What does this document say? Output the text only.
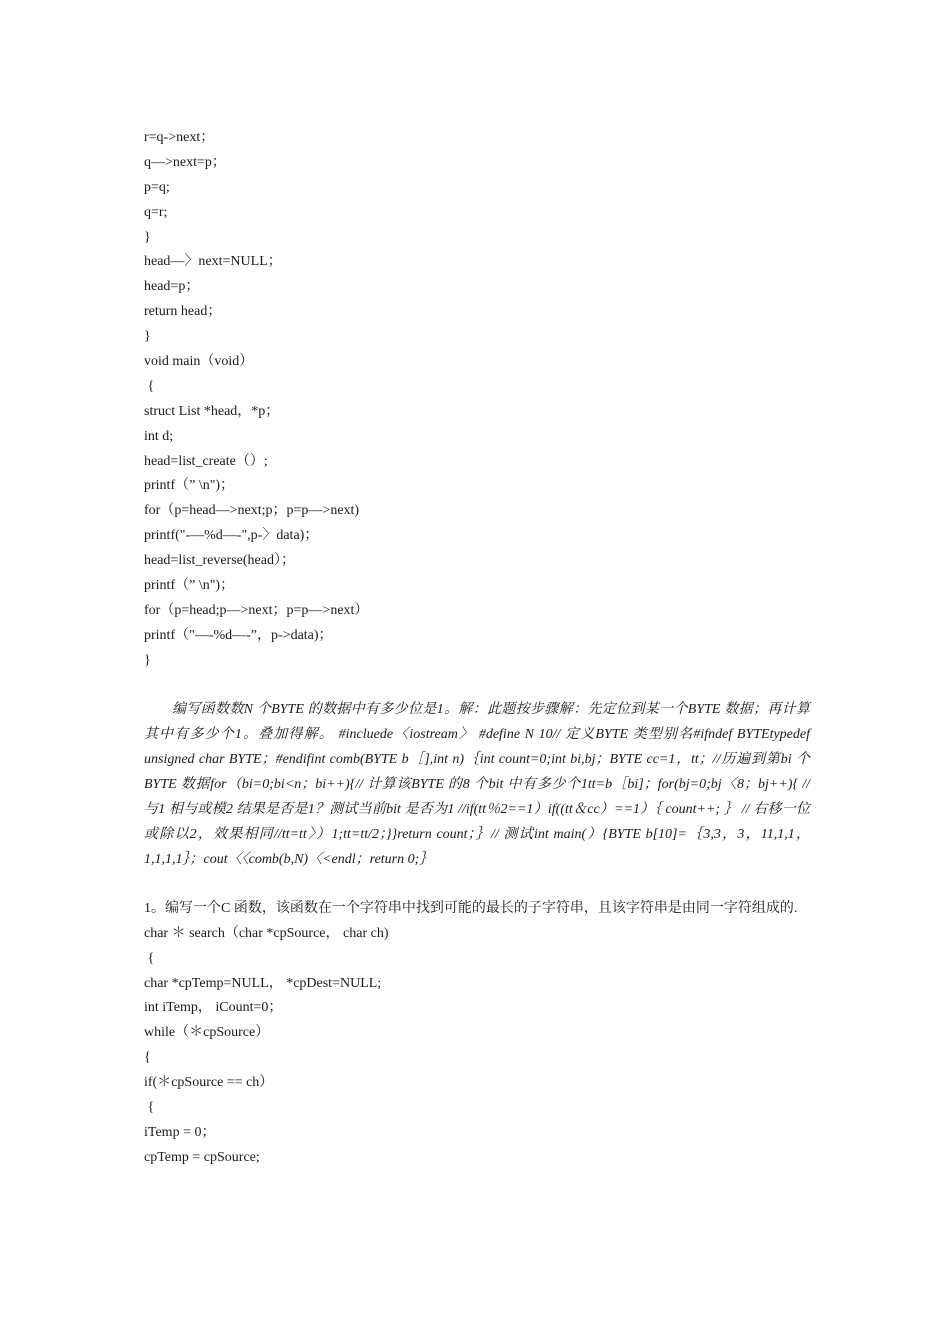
r=q->next；
q—>next=p；
p=q;
q=r;
}
head—〉next=NULL；
head=p；
return head；
}
void main（void）
{
struct List *head，*p；
int d;
head=list_create（）;
printf（” \n")；
for（p=head—>next;p；p=p—>next)
printf("-—%d—-",p-〉data)；
head=list_reverse(head）；
printf（” \n")；
for（p=head;p—>next；p=p—>next）
printf（"—-%d—-”，p->data)；
}

编写函数数N 个BYTE 的数据中有多少位是1。解：此题按步骤解：先定位到某一个BYTE 数据；再计算其中有多少个1。叠加得解。 #incluede〈iostream〉 #define N 10// 定义BYTE 类型别名#ifndef BYTEtypedef unsigned char BYTE；#endifint comb(BYTE b［],int n)｛int count=0;int bi,bj；BYTE cc=1，tt；//历遍到第bi 个BYTE 数据for（bi=0;bi<n；bi++){// 计算该BYTE 的8 个bit 中有多少个1tt=b［bi]；for(bj=0;bj〈8；bj++){ // 与1 相与或模2 结果是否是1？测试当前bit 是否为1 //if(tt％2==1）if((tt＆cc）==1）｛ count++; ｝ // 右移一位或除以2，效果相同//tt=tt〉）1;tt=tt/2；}}return count；｝// 测试int main(）{BYTE b[10]=｛3,3，3，11,1,1，1,1,1,1｝；cout〈〈comb(b,N)〈<endl；return 0;｝

1。编写一个C 函数，该函数在一个字符串中找到可能的最长的子字符串，且该字符串是由同一字符组成的.

char ＊ search（char *cpSource， char ch)
{
char *cpTemp=NULL， *cpDest=NULL;
int iTemp， iCount=0；
while（＊cpSource）
{
if(＊cpSource == ch）
{
iTemp = 0；
cpTemp = cpSource;
